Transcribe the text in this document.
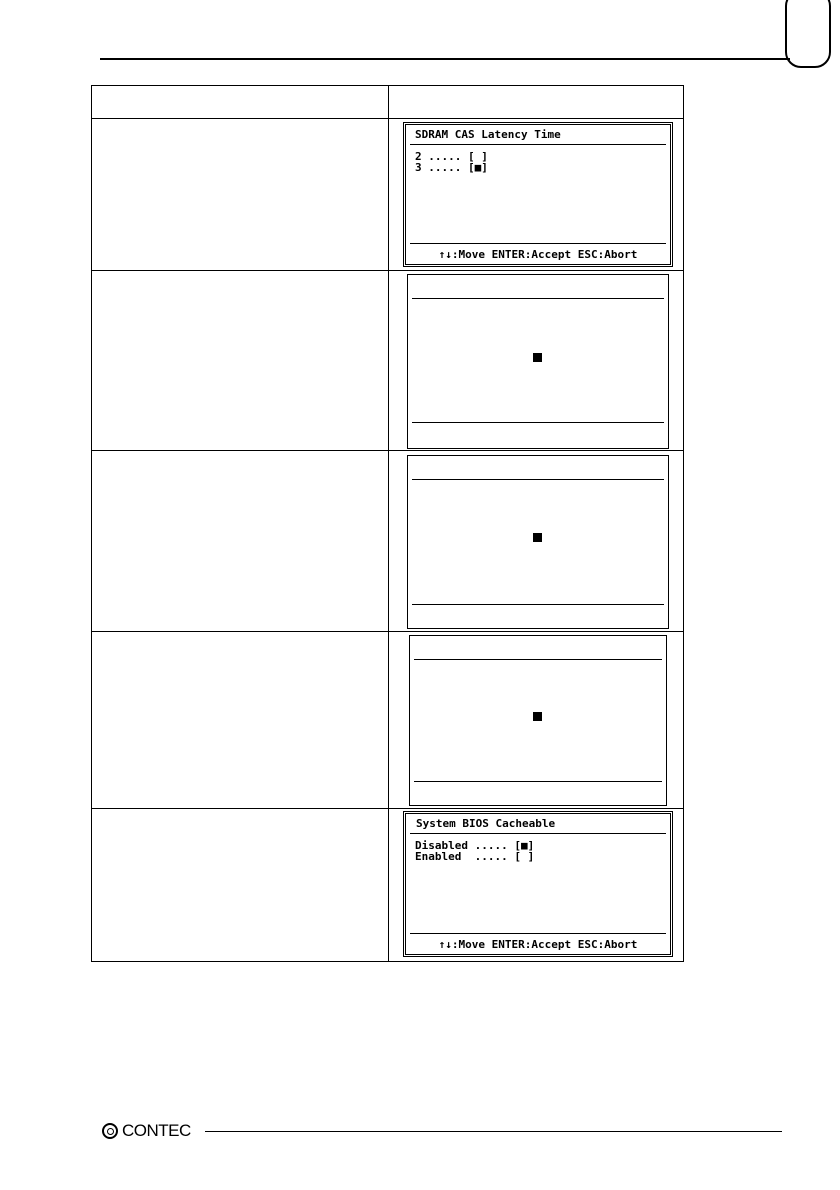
	SDRAM CAS Latency Time
2 ..... [ ]
3 ..... [■]
↑↓:Move ENTER:Accept ESC:Abort

	System BIOS Cacheable
Disabled ..... [■]
Enabled  ..... [ ]
↑↓:Move ENTER:Accept ESC:Abort
CONTEC
